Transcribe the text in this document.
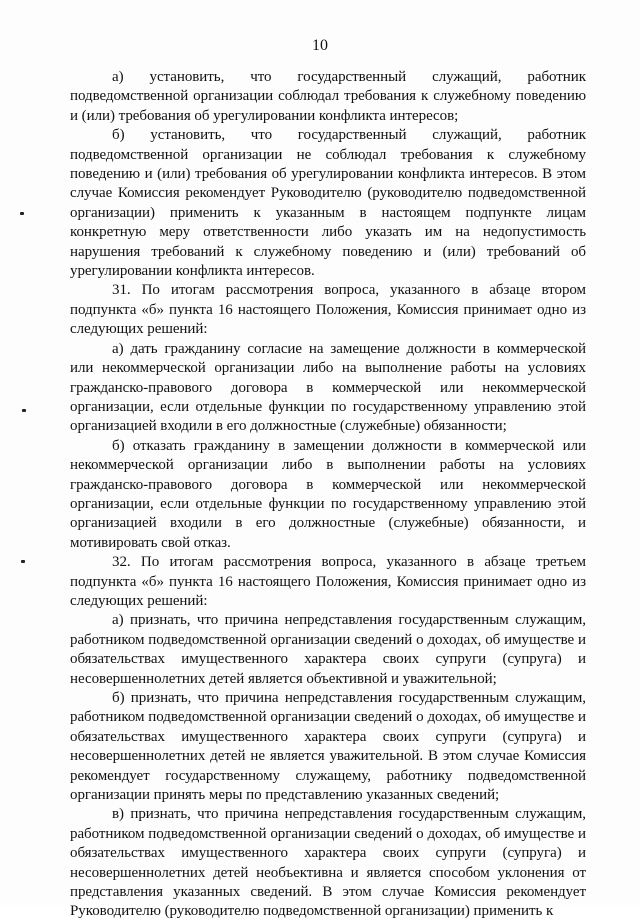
10

а) установить, что государственный служащий, работник подведомственной организации соблюдал требования к служебному поведению и (или) требования об урегулировании конфликта интересов;

б) установить, что государственный служащий, работник подведомственной организации не соблюдал требования к служебному поведению и (или) требования об урегулировании конфликта интересов. В этом случае Комиссия рекомендует Руководителю (руководителю подведомственной организации) применить к указанным в настоящем подпункте лицам конкретную меру ответственности либо указать им на недопустимость нарушения требований к служебному поведению и (или) требований об урегулировании конфликта интересов.

31. По итогам рассмотрения вопроса, указанного в абзаце втором подпункта «б» пункта 16 настоящего Положения, Комиссия принимает одно из следующих решений:

а) дать гражданину согласие на замещение должности в коммерческой или некоммерческой организации либо на выполнение работы на условиях гражданско-правового договора в коммерческой или некоммерческой организации, если отдельные функции по государственному управлению этой организацией входили в его должностные (служебные) обязанности;

б) отказать гражданину в замещении должности в коммерческой или некоммерческой организации либо в выполнении работы на условиях гражданско-правового договора в коммерческой или некоммерческой организации, если отдельные функции по государственному управлению этой организацией входили в его должностные (служебные) обязанности, и мотивировать свой отказ.

32. По итогам рассмотрения вопроса, указанного в абзаце третьем подпункта «б» пункта 16 настоящего Положения, Комиссия принимает одно из следующих решений:

а) признать, что причина непредставления государственным служащим, работником подведомственной организации сведений о доходах, об имуществе и обязательствах имущественного характера своих супруги (супруга) и несовершеннолетних детей является объективной и уважительной;

б) признать, что причина непредставления государственным служащим, работником подведомственной организации сведений о доходах, об имуществе и обязательствах имущественного характера своих супруги (супруга) и несовершеннолетних детей не является уважительной. В этом случае Комиссия рекомендует государственному служащему, работнику подведомственной организации принять меры по представлению указанных сведений;

в) признать, что причина непредставления государственным служащим, работником подведомственной организации сведений о доходах, об имуществе и обязательствах имущественного характера своих супруги (супруга) и несовершеннолетних детей необъективна и является способом уклонения от представления указанных сведений. В этом случае Комиссия рекомендует Руководителю (руководителю подведомственной организации) применить к
